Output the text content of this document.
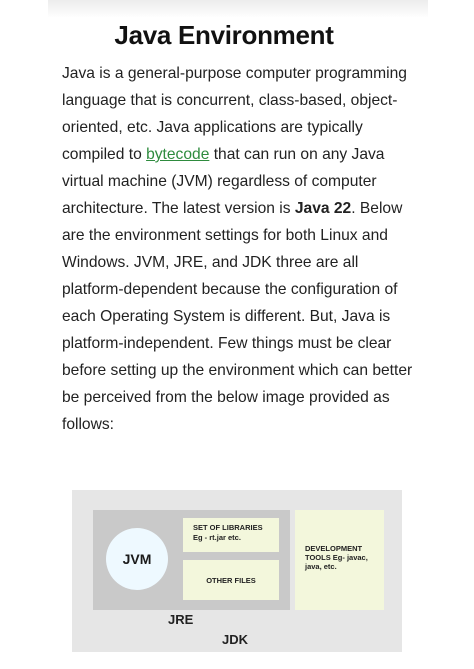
Java Environment
Java is a general-purpose computer programming language that is concurrent, class-based, object-oriented, etc. Java applications are typically compiled to bytecode that can run on any Java virtual machine (JVM) regardless of computer architecture. The latest version is Java 22. Below are the environment settings for both Linux and Windows. JVM, JRE, and JDK three are all platform-dependent because the configuration of each Operating System is different. But, Java is platform-independent. Few things must be clear before setting up the environment which can better be perceived from the below image provided as follows:
JVM
SET OF LIBRARIES
Eg - rt.jar etc.
OTHER FILES
DEVELOPMENT
TOOLS Eg- javac,
java, etc.
JRE
JDK
